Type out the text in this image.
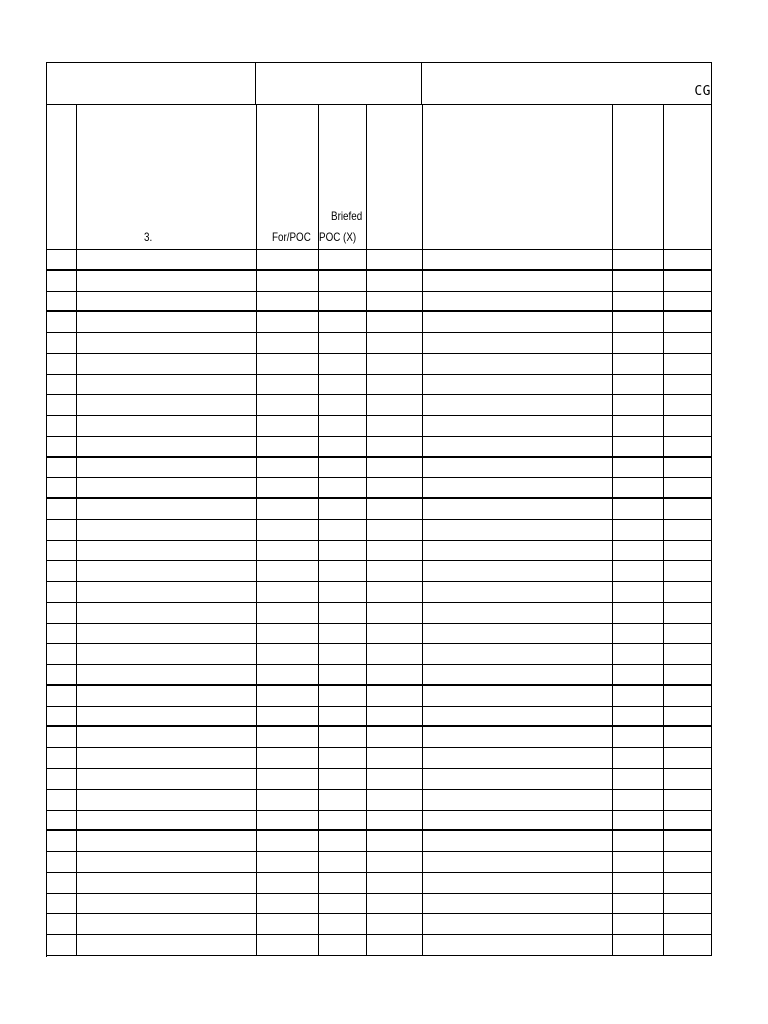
CG
3.	For/POC
Briefed
POC (X)
